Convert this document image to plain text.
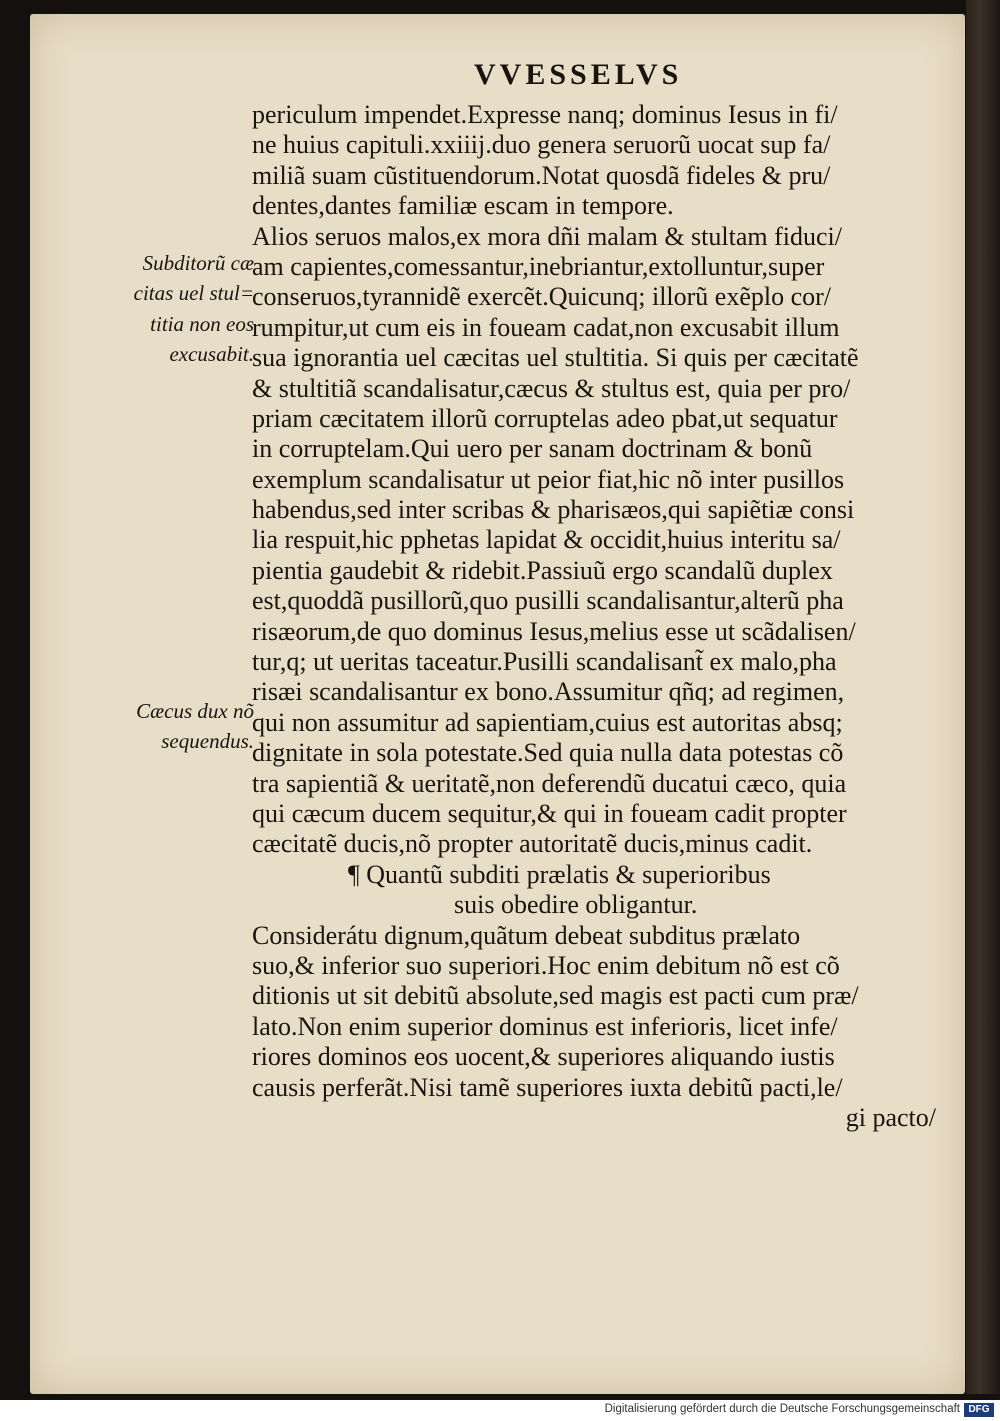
VVESSELVS
Subditorũ cæ
citas uel stul=
titia non eos
excusabit.
Cæcus dux nõ
sequendus.
periculum impendet.Expresse nanq; dominus Iesus in fi/
ne huius capituli.xxiiij.duo genera seruorũ uocat sup fa/
miliã suam cũstituendorum.Notat quosdã fideles & pru/
dentes,dantes familiæ escam in tempore.
Alios seruos malos,ex mora dñi malam & stultam fiduci/
am capientes,comessantur,inebriantur,extolluntur,super
conseruos,tyrannidẽ exercẽt.Quicunq; illorũ exẽplo cor/
rumpitur,ut cum eis in foueam cadat,non excusabit illum
sua ignorantia uel cæcitas uel stultitia. Si quis per cæcitatẽ
& stultitiã scandalisatur,cæcus & stultus est, quia per pro/
priam cæcitatem illorũ corruptelas adeo pbat,ut sequatur
in corruptelam.Qui uero per sanam doctrinam & bonũ
exemplum scandalisatur ut peior fiat,hic nõ inter pusillos
habendus,sed inter scribas & pharisæos,qui sapiẽtiæ consi
lia respuit,hic pphetas lapidat & occidit,huius interitu sa/
pientia gaudebit & ridebit.Passiuũ ergo scandalũ duplex
est,quoddã pusillorũ,quo pusilli scandalisantur,alterũ pha
risæorum,de quo dominus Iesus,melius esse ut scãdalisen/
tur,q; ut ueritas taceatur.Pusilli scandalisant̃ ex malo,pha
risæi scandalisantur ex bono.Assumitur qñq; ad regimen,
qui non assumitur ad sapientiam,cuius est autoritas absq;
dignitate in sola potestate.Sed quia nulla data potestas cõ
tra sapientiã & ueritatẽ,non deferendũ ducatui cæco, quia
qui cæcum ducem sequitur,& qui in foueam cadit propter
cæcitatẽ ducis,nõ propter autoritatẽ ducis,minus cadit.
¶ Quantũ subditi prælatis & superioribus
suis obedire obligantur.
Considerátu dignum,quãtum debeat subditus prælato
suo,& inferior suo superiori.Hoc enim debitum nõ est cõ
ditionis ut sit debitũ absolute,sed magis est pacti cum præ/
lato.Non enim superior dominus est inferioris, licet infe/
riores dominos eos uocent,& superiores aliquando iustis
causis perferãt.Nisi tamẽ superiores iuxta debitũ pacti,le/
gi pacto/
Digitalisierung gefördert durch die Deutsche Forschungsgemeinschaft DFG
